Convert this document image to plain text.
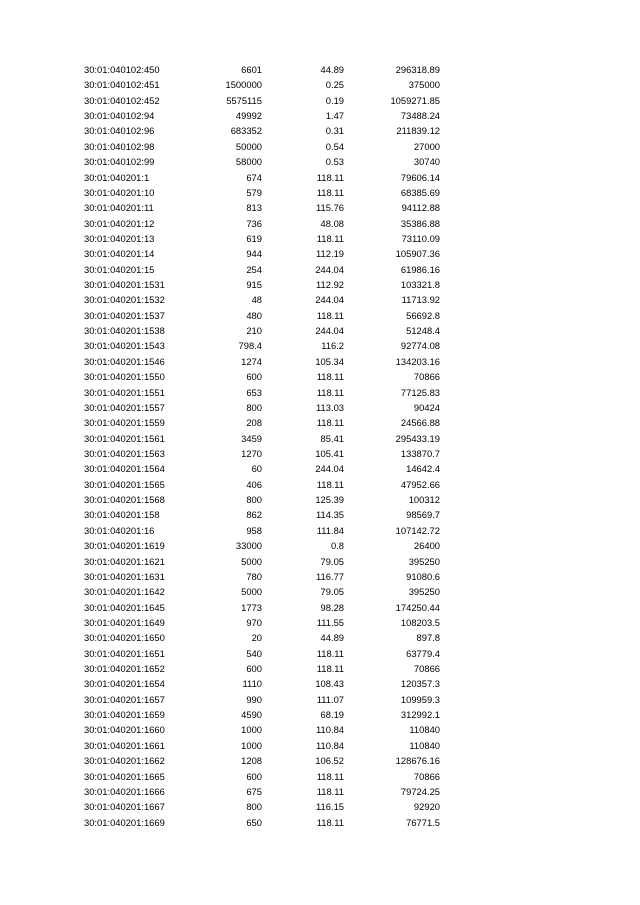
30:01:040102:450	6601	44.89	296318.89
30:01:040102:451	1500000	0.25	375000
30:01:040102:452	5575115	0.19	1059271.85
30:01:040102:94	49992	1.47	73488.24
30:01:040102:96	683352	0.31	211839.12
30:01:040102:98	50000	0.54	27000
30:01:040102:99	58000	0.53	30740
30:01:040201:1	674	118.11	79606.14
30:01:040201:10	579	118.11	68385.69
30:01:040201:11	813	115.76	94112.88
30:01:040201:12	736	48.08	35386.88
30:01:040201:13	619	118.11	73110.09
30:01:040201:14	944	112.19	105907.36
30:01:040201:15	254	244.04	61986.16
30:01:040201:1531	915	112.92	103321.8
30:01:040201:1532	48	244.04	11713.92
30:01:040201:1537	480	118.11	56692.8
30:01:040201:1538	210	244.04	51248.4
30:01:040201:1543	798.4	116.2	92774.08
30:01:040201:1546	1274	105.34	134203.16
30:01:040201:1550	600	118.11	70866
30:01:040201:1551	653	118.11	77125.83
30:01:040201:1557	800	113.03	90424
30:01:040201:1559	208	118.11	24566.88
30:01:040201:1561	3459	85.41	295433.19
30:01:040201:1563	1270	105.41	133870.7
30:01:040201:1564	60	244.04	14642.4
30:01:040201:1565	406	118.11	47952.66
30:01:040201:1568	800	125.39	100312
30:01:040201:158	862	114.35	98569.7
30:01:040201:16	958	111.84	107142.72
30:01:040201:1619	33000	0.8	26400
30:01:040201:1621	5000	79.05	395250
30:01:040201:1631	780	116.77	91080.6
30:01:040201:1642	5000	79.05	395250
30:01:040201:1645	1773	98.28	174250.44
30:01:040201:1649	970	111.55	108203.5
30:01:040201:1650	20	44.89	897.8
30:01:040201:1651	540	118.11	63779.4
30:01:040201:1652	600	118.11	70866
30:01:040201:1654	1110	108.43	120357.3
30:01:040201:1657	990	111.07	109959.3
30:01:040201:1659	4590	68.19	312992.1
30:01:040201:1660	1000	110.84	110840
30:01:040201:1661	1000	110.84	110840
30:01:040201:1662	1208	106.52	128676.16
30:01:040201:1665	600	118.11	70866
30:01:040201:1666	675	118.11	79724.25
30:01:040201:1667	800	116.15	92920
30:01:040201:1669	650	118.11	76771.5
